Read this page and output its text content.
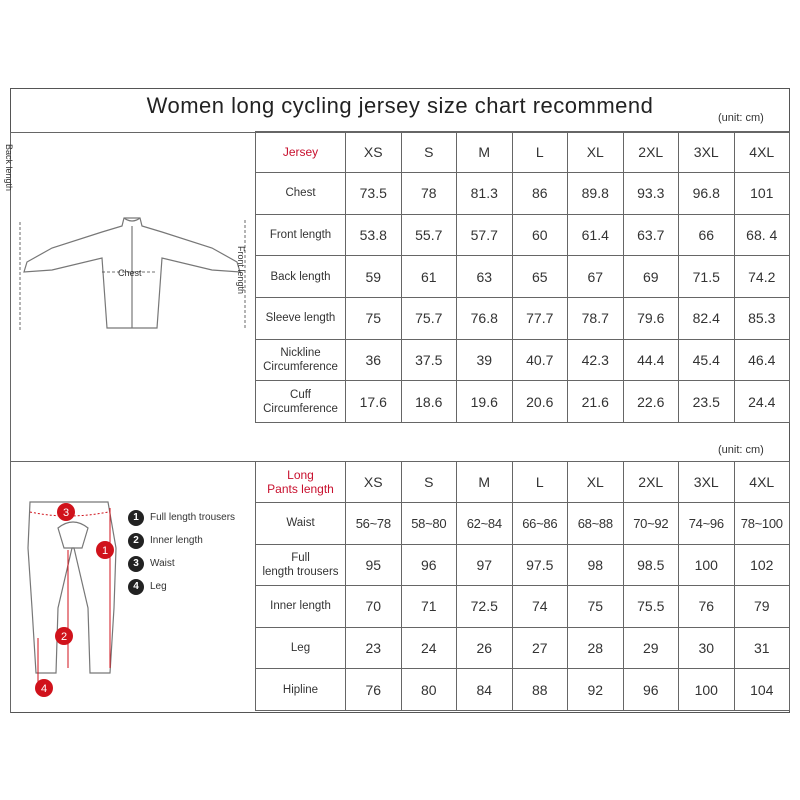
Women long cycling jersey size chart recommend	(unit: cm)
(unit: cm)
Jersey	XS	S	M	L	XL	2XL	3XL	4XL
Chest	73.5	78	81.3	86	89.8	93.3	96.8	101
Front length	53.8	55.7	57.7	60	61.4	63.7	66	68. 4
Back length	59	61	63	65	67	69	71.5	74.2
Sleeve length	75	75.7	76.8	77.7	78.7	79.6	82.4	85.3
Nickline
Circumference	36	37.5	39	40.7	42.3	44.4	45.4	46.4
Cuff
Circumference	17.6	18.6	19.6	20.6	21.6	22.6	23.5	24.4
Long
Pants length	XS	S	M	L	XL	2XL	3XL	4XL
Waist	56~78	58~80	62~84	66~86	68~88	70~92	74~96	78~100
Full
length trousers	95	96	97	97.5	98	98.5	100	102
Inner length	70	71	72.5	74	75	75.5	76	79
Leg	23	24	26	27	28	29	30	31
Hipline	76	80	84	88	92	96	100	104
Back length
Front length
Chest
3
1
2
4
1	Full length trousers
2	Inner length
3	Waist
4	Leg
